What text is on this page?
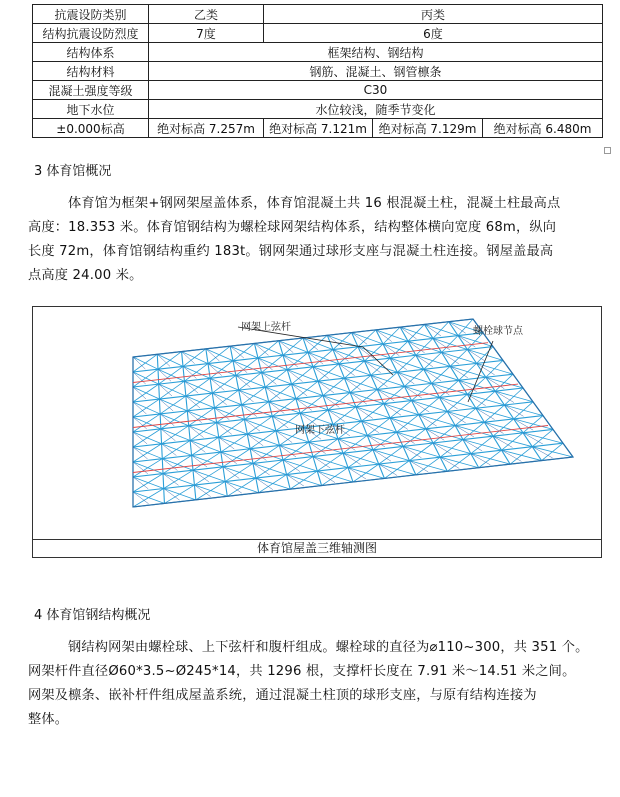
抗震设防类别	乙类	丙类		
结构抗震设防烈度	7度	6度		
结构体系	框架结构、钢结构			
结构材料	钢筋、混凝土、钢管檩条			
混凝土强度等级	C30			
地下水位	水位较浅，随季节变化			
±0.000标高	绝对标高 7.257m	绝对标高 7.121m	绝对标高 7.129m	绝对标高 6.480m
3 体育馆概况
体育馆为框架+钢网架屋盖体系，体育馆混凝土共 16 根混凝土柱，混凝土柱最高点
高度：18.353 米。体育馆钢结构为螺栓球网架结构体系，结构整体横向宽度 68m，纵向
长度 72m，体育馆钢结构重约 183t。钢网架通过球形支座与混凝土柱连接。钢屋盖最高
点高度 24.00 米。
网架上弦杆	螺栓球节点
网架下弦杆
体育馆屋盖三维轴测图
4 体育馆钢结构概况
钢结构网架由螺栓球、上下弦杆和腹杆组成。螺栓球的直径为⌀110~300，共 351 个。
网架杆件直径Ø60*3.5~Ø245*14，共 1296 根，支撑杆长度在 7.91 米～14.51 米之间。
网架及檩条、嵌补杆件组成屋盖系统，通过混凝土柱顶的球形支座，与原有结构连接为
整体。
